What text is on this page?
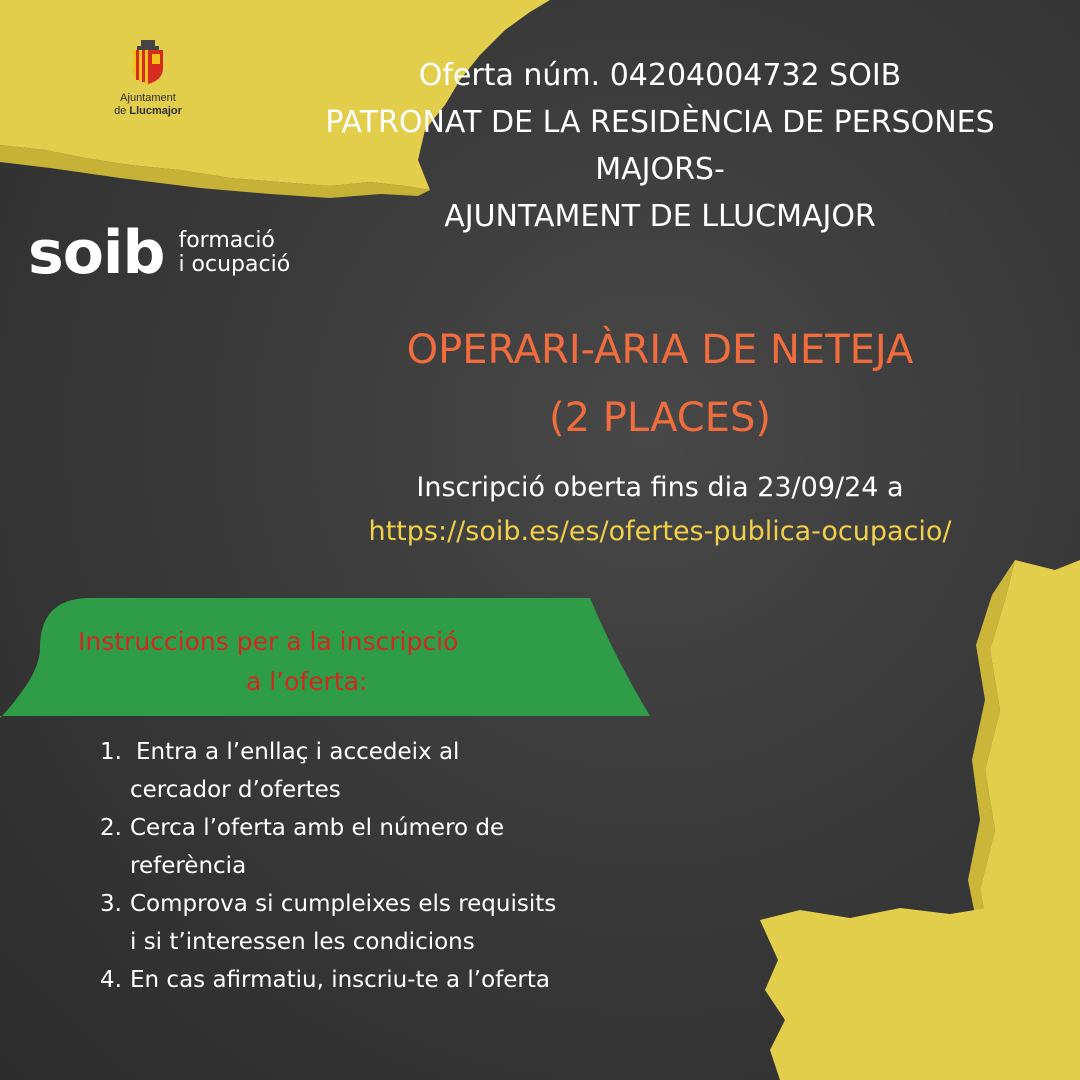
Ajuntament
de Llucmajor
soib formació
i ocupació
Oferta núm. 04204004732 SOIB
PATRONAT DE LA RESIDÈNCIA DE PERSONES
MAJORS-
AJUNTAMENT DE LLUCMAJOR
OPERARI-ÀRIA DE NETEJA
(2 PLACES)
Inscripció oberta fins dia 23/09/24 a
https://soib.es/es/ofertes-publica-ocupacio/
Instruccions per a la inscripció
a l’oferta:
1. Entra a l’enllaç i accedeix al
cercador d’ofertes
2. Cerca l’oferta amb el número de
referència
3. Comprova si cumpleixes els requisits
i si t’interessen les condicions
4. En cas afirmatiu, inscriu-te a l’oferta
